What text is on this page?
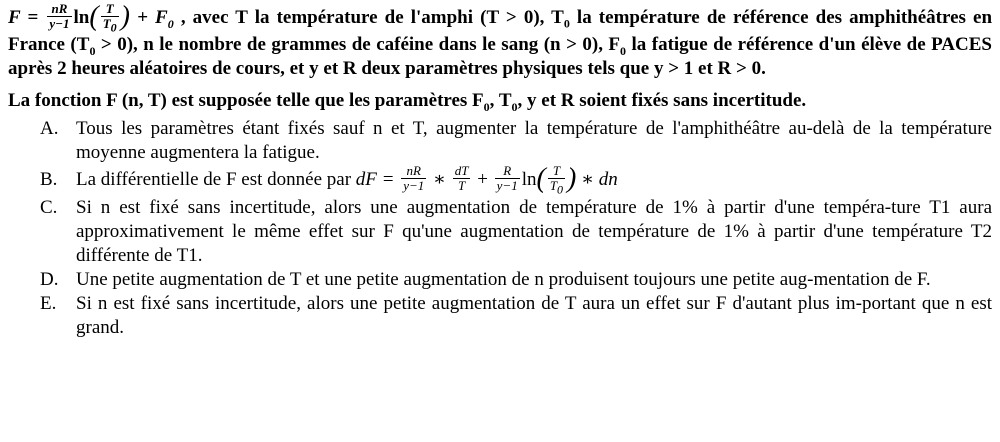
$F = \frac{nR}{y-1} \ln( \frac{T}{T_0}$ ) + $F_0$ , avec T la température de l'amphi (T > 0), $T_0$ la température de référence des amphithéâtres en France $(T_0 > 0)$, n le nombre de grammes de caféine dans le sang (n > 0), $F_0$ la fatigue de référence d'un élève de PACES après 2 heures aléatoires de cours, et y et R deux paramètres physiques tels que y > 1 et R > 0.

La fonction F (n, T) est supposée telle que les paramètres $F_0$, $T_0$, y et R soient fixés sans incertitude.

A. Tous les paramètres étant fixés sauf n et T, augmenter la température de l'amphithéâtre au-delà de la température moyenne augmentera la fatigue.
B. La différentielle de F est donnée par dF = $\frac{nR}{y-1}$ ∗ $\frac{dT}{T} + \frac{R}{y-1} \ln( \frac{T}{T_0}$ ) ∗ dn
C. Si n est fixé sans incertitude, alors une augmentation de température de 1% à partir d'une tempéra-ture T1 aura approximativement le même effet sur F qu'une augmentation de température de 1% à partir d'une température T2 différente de T1.
D. Une petite augmentation de T et une petite augmentation de n produisent toujours une petite aug-mentation de F.
E. Si n est fixé sans incertitude, alors une petite augmentation de T aura un effet sur F d'autant plus im-portant que n est grand.
